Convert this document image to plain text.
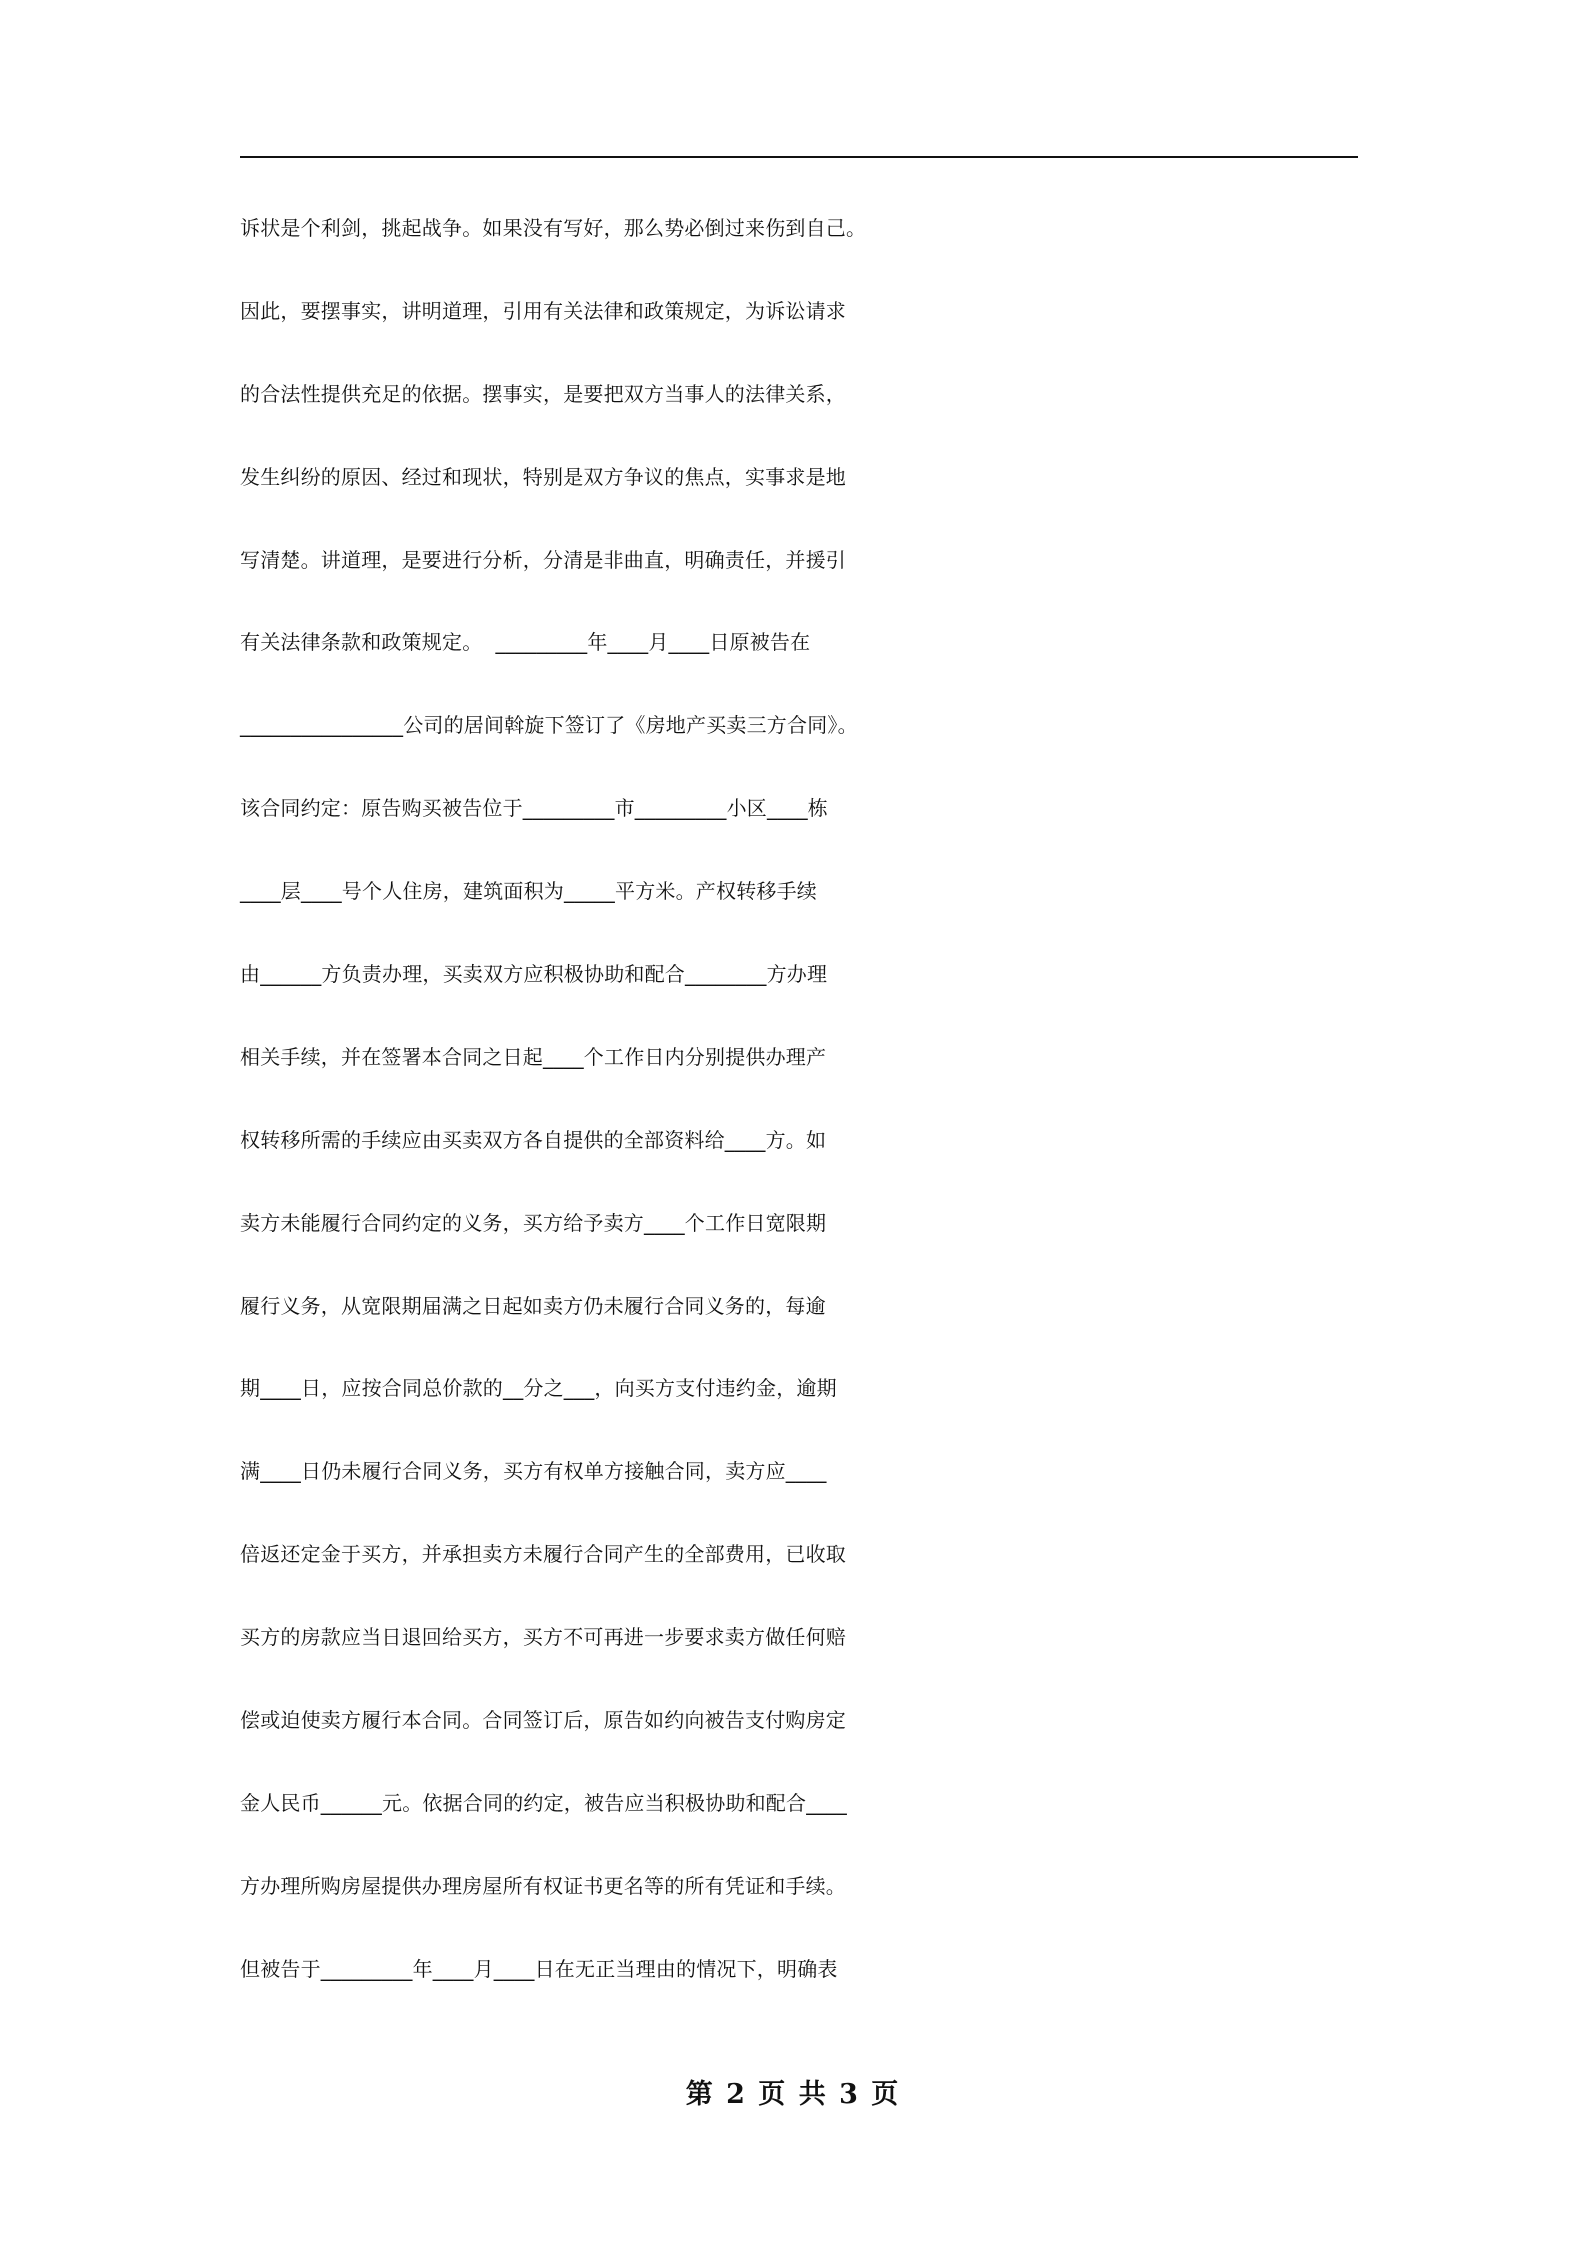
诉状是个利剑，挑起战争。如果没有写好，那么势必倒过来伤到自己。
因此，要摆事实，讲明道理，引用有关法律和政策规定，为诉讼请求
的合法性提供充足的依据。摆事实，是要把双方当事人的法律关系，
发生纠纷的原因、经过和现状，特别是双方争议的焦点，实事求是地
写清楚。讲道理，是要进行分析，分清是非曲直，明确责任，并援引
有关法律条款和政策规定。  _________年____月____日原被告在
________________公司的居间斡旋下签订了《房地产买卖三方合同》。
该合同约定：原告购买被告位于_________市_________小区____栋
____层____号个人住房，建筑面积为_____平方米。产权转移手续
由______方负责办理，买卖双方应积极协助和配合________方办理
相关手续，并在签署本合同之日起____个工作日内分别提供办理产
权转移所需的手续应由买卖双方各自提供的全部资料给____方。如
卖方未能履行合同约定的义务，买方给予卖方____个工作日宽限期
履行义务，从宽限期届满之日起如卖方仍未履行合同义务的，每逾
期____日，应按合同总价款的__分之___，向买方支付违约金，逾期
满____日仍未履行合同义务，买方有权单方接触合同，卖方应____
倍返还定金于买方，并承担卖方未履行合同产生的全部费用，已收取
买方的房款应当日退回给买方，买方不可再进一步要求卖方做任何赔
偿或迫使卖方履行本合同。合同签订后，原告如约向被告支付购房定
金人民币______元。依据合同的约定，被告应当积极协助和配合____
方办理所购房屋提供办理房屋所有权证书更名等的所有凭证和手续。
但被告于_________年____月____日在无正当理由的情况下，明确表
第 2 页 共 3 页
